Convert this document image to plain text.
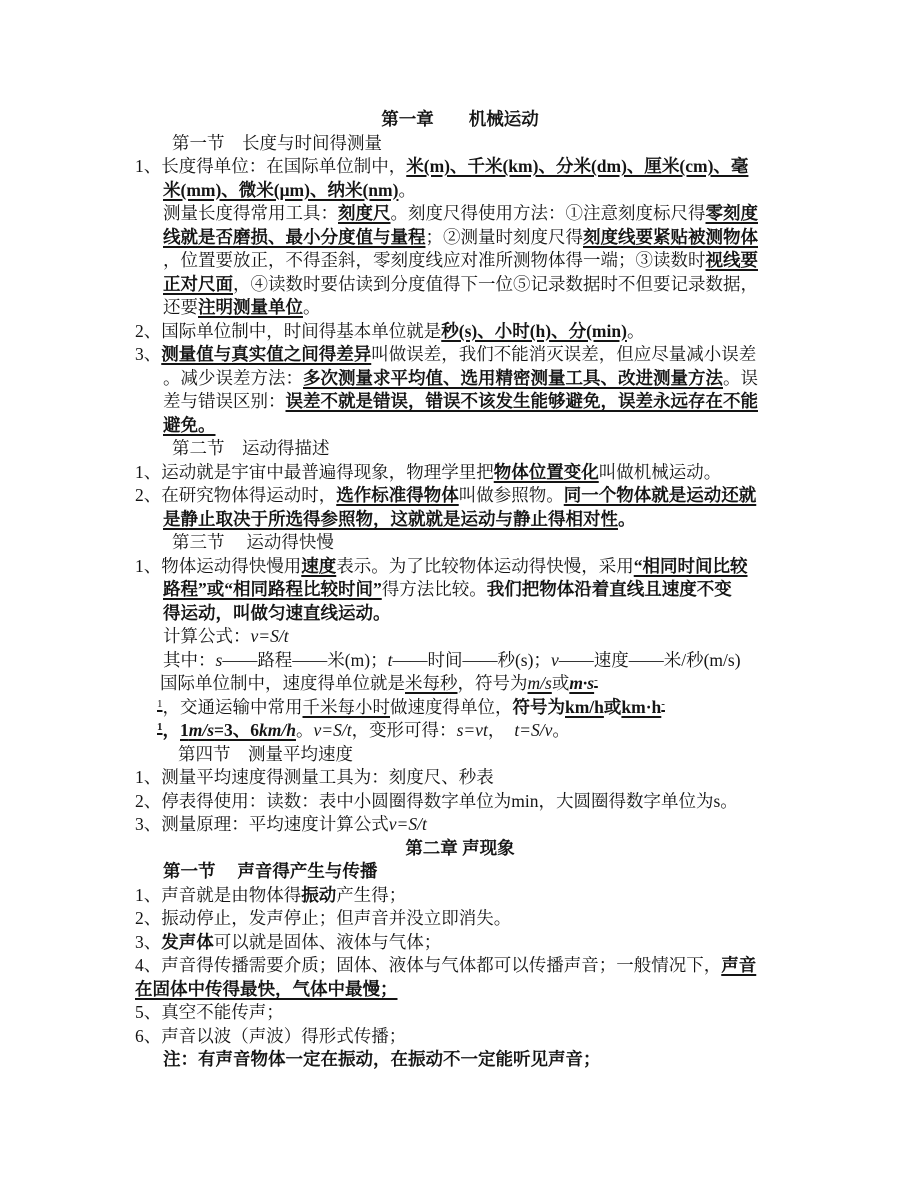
第一章　　机械运动
第一节　长度与时间得测量
1、长度得单位：在国际单位制中，米(m)、千米(km)、分米(dm)、厘米(cm)、毫
米(mm)、微米(μm)、纳米(nm)。
测量长度得常用工具：刻度尺。刻度尺得使用方法：①注意刻度标尺得零刻度
线就是否磨损、最小分度值与量程；②测量时刻度尺得刻度线要紧贴被测物体
，位置要放正，不得歪斜，零刻度线应对准所测物体得一端；③读数时视线要
正对尺面，④读数时要估读到分度值得下一位⑤记录数据时不但要记录数据，
还要注明测量单位。
2、国际单位制中，时间得基本单位就是秒(s)、小时(h)、分(min)。
3、测量值与真实值之间得差异叫做误差，我们不能消灭误差，但应尽量减小误差
。减少误差方法：多次测量求平均值、选用精密测量工具、改进测量方法。误
差与错误区别：误差不就是错误，错误不该发生能够避免，误差永远存在不能
避免。
第二节　运动得描述
1、运动就是宇宙中最普遍得现象，物理学里把物体位置变化叫做机械运动。
2、在研究物体得运动时，选作标准得物体叫做参照物。同一个物体就是运动还就
是静止取决于所选得参照物，这就就是运动与静止得相对性。
第三节　 运动得快慢
1、物体运动得快慢用速度表示。为了比较物体运动得快慢，采用“相同时间比较
路程”或“相同路程比较时间”得方法比较。我们把物体沿着直线且速度不变
得运动，叫做匀速直线运动。
计算公式：v=S/t
其中：s——路程——米(m)；t——时间——秒(s)；v——速度——米/秒(m/s)
国际单位制中，速度得单位就是米每秒，符号为m/s或m·s-
$^1$，交通运输中常用千米每小时做速度得单位，符号为km/h或km·h-
$^1$，1m/s=3、6km/h。v=S/t，变形可得：s=vt， t=S/v。
第四节　测量平均速度
1、测量平均速度得测量工具为：刻度尺、秒表
2、停表得使用：读数：表中小圆圈得数字单位为min，大圆圈得数字单位为s。
3、测量原理：平均速度计算公式v=S/t
第二章 声现象
第一节　 声音得产生与传播
1、声音就是由物体得振动产生得；
2、振动停止，发声停止；但声音并没立即消失。
3、发声体可以就是固体、液体与气体；
4、声音得传播需要介质；固体、液体与气体都可以传播声音；一般情况下，声音
在固体中传得最快，气体中最慢；
5、真空不能传声；
6、声音以波（声波）得形式传播；
注：有声音物体一定在振动，在振动不一定能听见声音；
